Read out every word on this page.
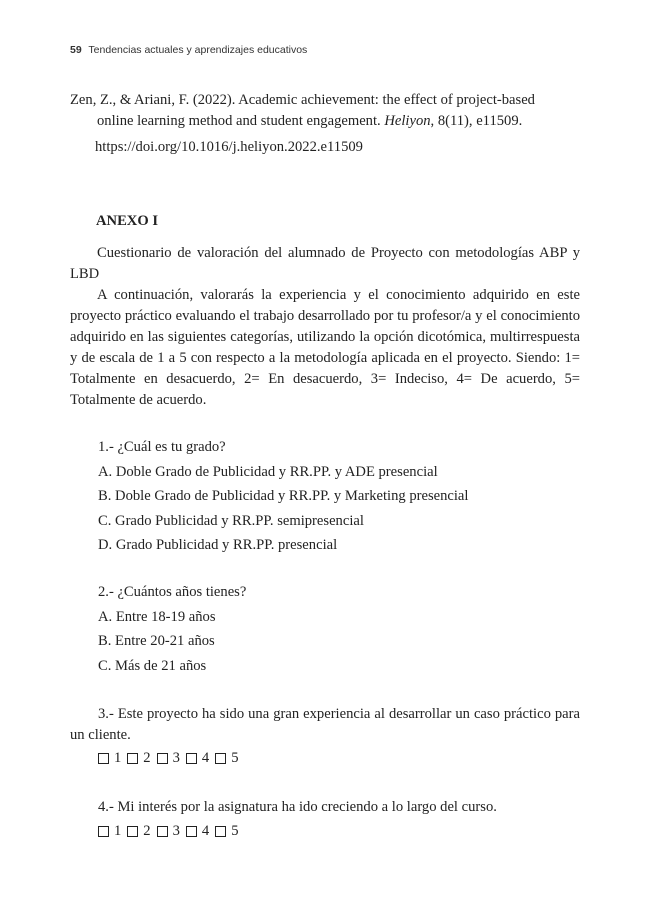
59 Tendencias actuales y aprendizajes educativos
Zen, Z., & Ariani, F. (2022). Academic achievement: the effect of project-based
online learning method and student engagement. Heliyon, 8(11), e11509.
https://doi.org/10.1016/j.heliyon.2022.e11509
ANEXO I

Cuestionario de valoración del alumnado de Proyecto con metodologías ABP y LBD

A continuación, valorarás la experiencia y el conocimiento adquirido en este proyecto práctico evaluando el trabajo desarrollado por tu profesor/a y el conocimiento adquirido en las siguientes categorías, utilizando la opción dicotómica, multirrespuesta y de escala de 1 a 5 con respecto a la metodología aplicada en el proyecto. Siendo: 1= Totalmente en desacuerdo, 2= En desacuerdo, 3= Indeciso, 4= De acuerdo, 5= Totalmente de acuerdo.

1.- ¿Cuál es tu grado?
A. Doble Grado de Publicidad y RR.PP. y ADE presencial
B. Doble Grado de Publicidad y RR.PP. y Marketing presencial
C. Grado Publicidad y RR.PP. semipresencial
D. Grado Publicidad y RR.PP. presencial
2.- ¿Cuántos años tienes?
A. Entre 18-19 años
B. Entre 20-21 años
C. Más de 21 años

3.- Este proyecto ha sido una gran experiencia al desarrollar un caso práctico para un cliente.

1 2 3 4 5

4.- Mi interés por la asignatura ha ido creciendo a lo largo del curso.

1 2 3 4 5
